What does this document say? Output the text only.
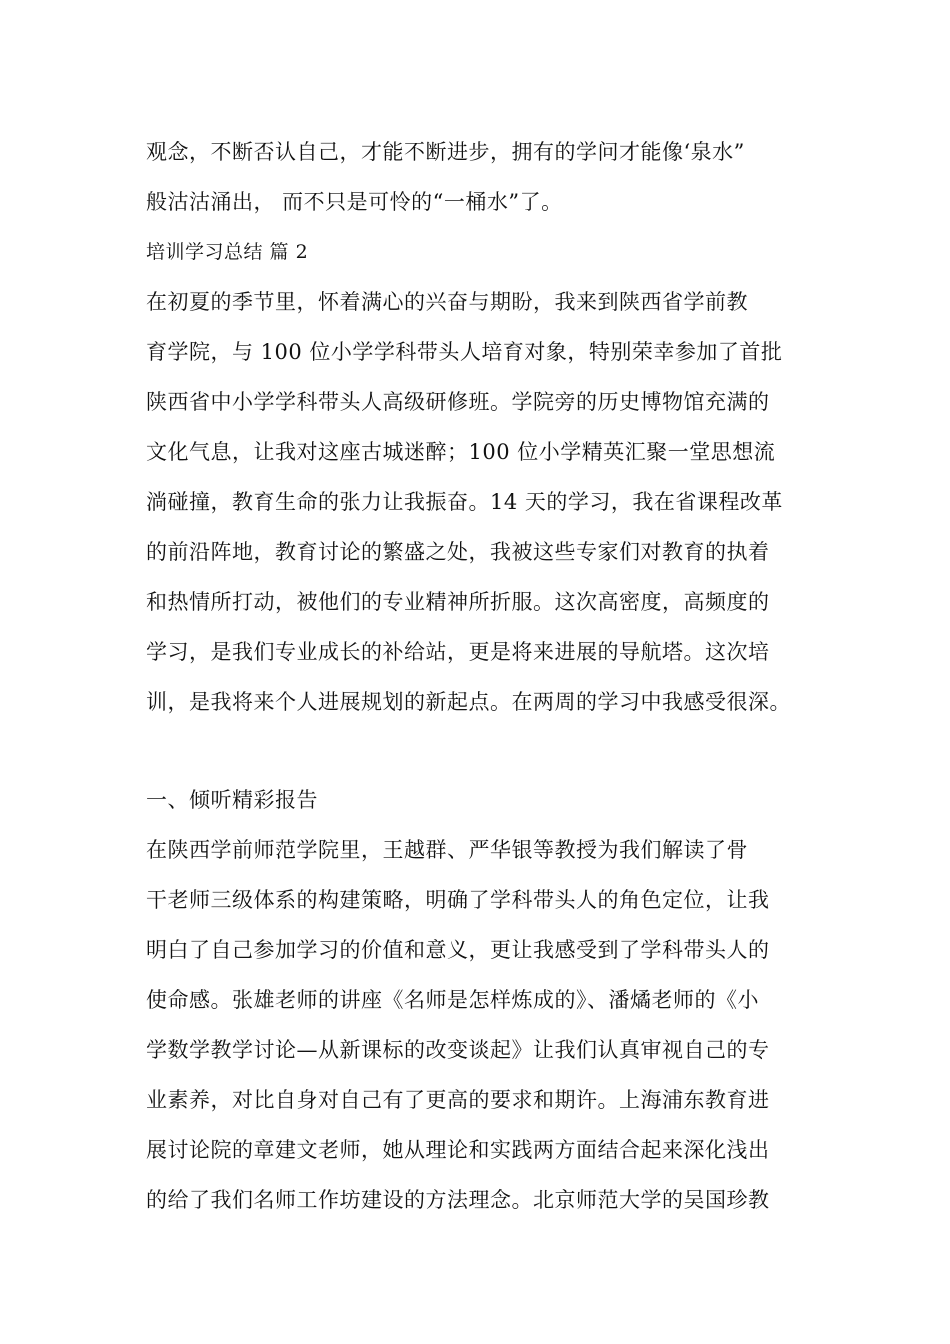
观念，不断否认自己，才能不断进步，拥有的学问才能像‘泉水”
般沽沽涌出， 而不只是可怜的“一桶水”了。
培训学习总结 篇 2
在初夏的季节里，怀着满心的兴奋与期盼，我来到陕西省学前教
育学院，与 100 位小学学科带头人培育对象，特别荣幸参加了首批
陕西省中小学学科带头人高级研修班。学院旁的历史博物馆充满的
文化气息，让我对这座古城迷醉；100 位小学精英汇聚一堂思想流
淌碰撞，教育生命的张力让我振奋。14 天的学习，我在省课程改革
的前沿阵地，教育讨论的繁盛之处，我被这些专家们对教育的执着
和热情所打动，被他们的专业精神所折服。这次高密度，高频度的
学习，是我们专业成长的补给站，更是将来进展的导航塔。这次培
训，是我将来个人进展规划的新起点。在两周的学习中我感受很深。
一、倾听精彩报告
在陕西学前师范学院里，王越群、严华银等教授为我们解读了骨
干老师三级体系的构建策略，明确了学科带头人的角色定位，让我
明白了自己参加学习的价值和意义，更让我感受到了学科带头人的
使命感。张雄老师的讲座《名师是怎样炼成的》、潘燏老师的《小
学数学教学讨论—从新课标的改变谈起》让我们认真审视自己的专
业素养，对比自身对自己有了更高的要求和期许。上海浦东教育进
展讨论院的章建文老师，她从理论和实践两方面结合起来深化浅出
的给了我们名师工作坊建设的方法理念。北京师范大学的吴国珍教
